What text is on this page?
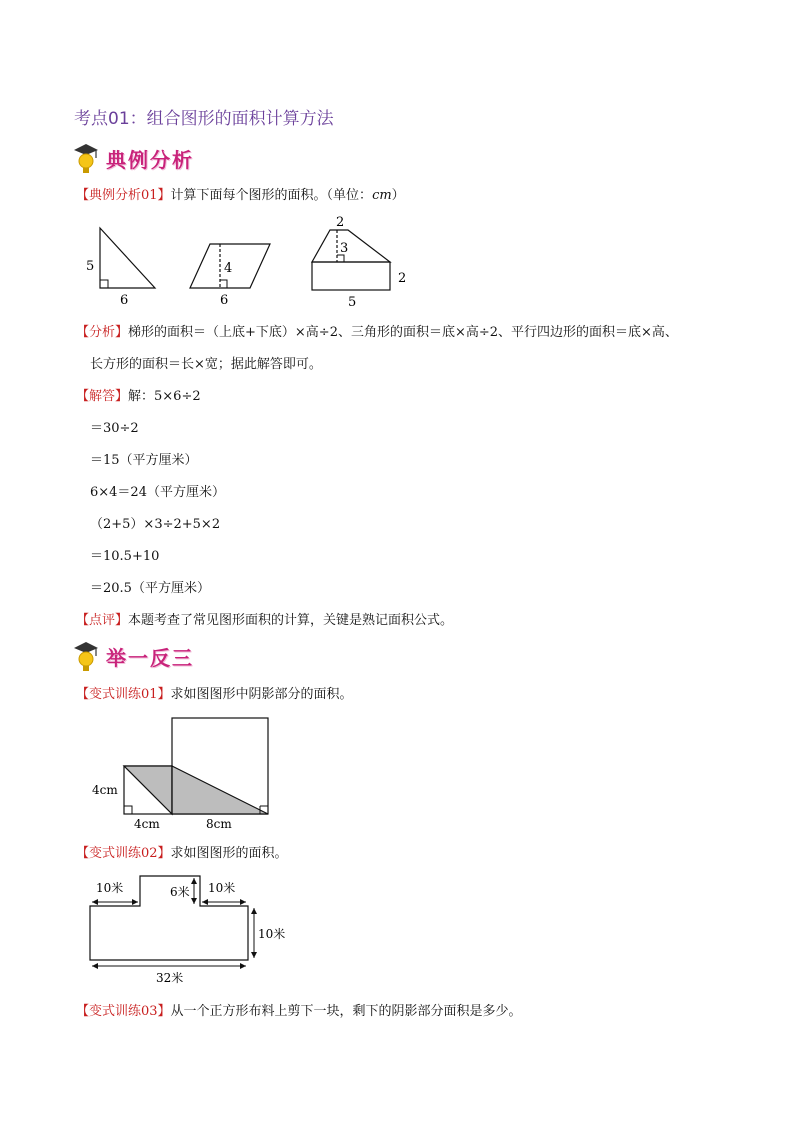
考点01：组合图形的面积计算方法
典例分析
【典例分析01】计算下面每个图形的面积。（单位：cm）
5
6
4
6
2
3
2
5
【分析】梯形的面积＝（上底+下底）×高÷2、三角形的面积＝底×高÷2、平行四边形的面积＝底×高、
长方形的面积＝长×宽；据此解答即可。
【解答】解：5×6÷2
＝30÷2
＝15（平方厘米）
6×4＝24（平方厘米）
（2+5）×3÷2+5×2
＝10.5+10
＝20.5（平方厘米）
【点评】本题考查了常见图形面积的计算，关键是熟记面积公式。
举一反三
【变式训练01】求如图图形中阴影部分的面积。
4cm
4cm	8cm
【变式训练02】求如图图形的面积。
10米	6米 10米
10米
32米
【变式训练03】从一个正方形布料上剪下一块，剩下的阴影部分面积是多少。
